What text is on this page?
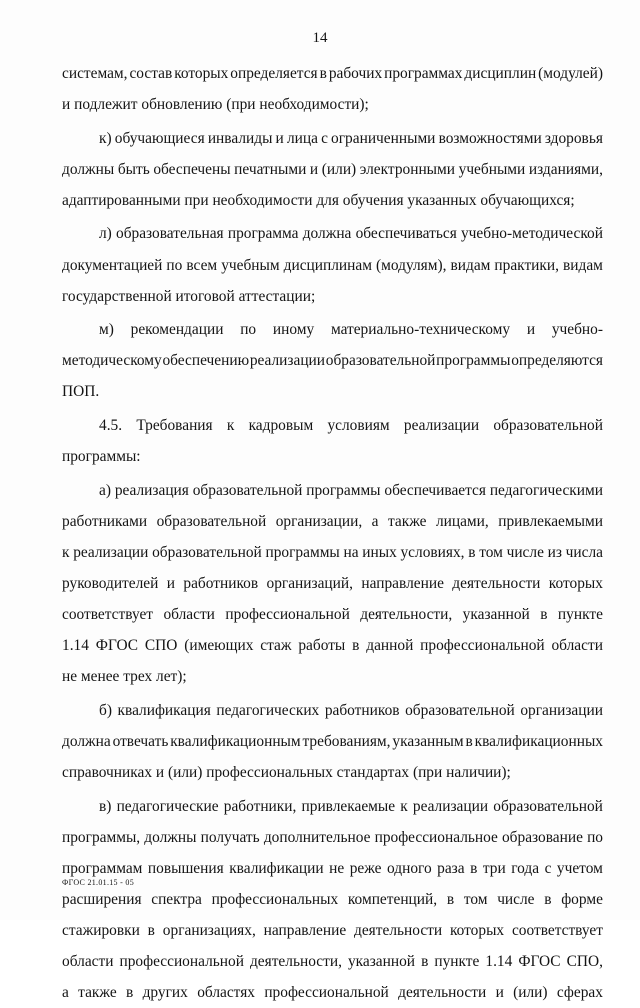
14
системам, состав которых определяется в рабочих программах дисциплин (модулей)
и подлежит обновлению (при необходимости);
к) обучающиеся инвалиды и лица с ограниченными возможностями здоровья
должны быть обеспечены печатными и (или) электронными учебными изданиями,
адаптированными при необходимости для обучения указанных обучающихся;
л) образовательная программа должна обеспечиваться учебно-методической
документацией по всем учебным дисциплинам (модулям), видам практики, видам
государственной итоговой аттестации;
м) рекомендации по иному материально-техническому и учебно-
методическому обеспечению реализации образовательной программы определяются
ПОП.
4.5. Требования к кадровым условиям реализации образовательной
программы:
а) реализация образовательной программы обеспечивается педагогическими
работниками образовательной организации, а также лицами, привлекаемыми
к реализации образовательной программы на иных условиях, в том числе из числа
руководителей и работников организаций, направление деятельности которых
соответствует области профессиональной деятельности, указанной в пункте
1.14 ФГОС СПО (имеющих стаж работы в данной профессиональной области
не менее трех лет);
б) квалификация педагогических работников образовательной организации
должна отвечать квалификационным требованиям, указанным в квалификационных
справочниках и (или) профессиональных стандартах (при наличии);
в) педагогические работники, привлекаемые к реализации образовательной
программы, должны получать дополнительное профессиональное образование по
программам повышения квалификации не реже одного раза в три года с учетом
расширения спектра профессиональных компетенций, в том числе в форме
стажировки в организациях, направление деятельности которых соответствует
области профессиональной деятельности, указанной в пункте 1.14 ФГОС СПО,
а также в других областях профессиональной деятельности и (или) сферах
ФГОС 21.01.15 - 05
